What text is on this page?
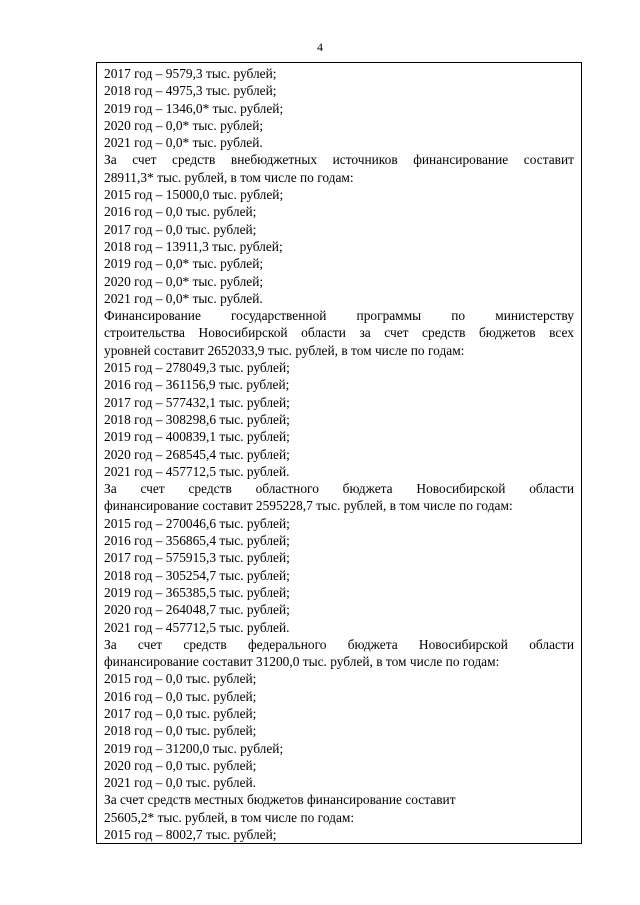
4
2017 год – 9579,3 тыс. рублей;
2018 год – 4975,3 тыс. рублей;
2019 год – 1346,0* тыс. рублей;
2020 год – 0,0* тыс. рублей;
2021 год – 0,0* тыс. рублей.
За счет средств внебюджетных источников финансирование составит
28911,3* тыс. рублей, в том числе по годам:
2015 год – 15000,0 тыс. рублей;
2016 год – 0,0 тыс. рублей;
2017 год – 0,0 тыс. рублей;
2018 год – 13911,3 тыс. рублей;
2019 год – 0,0* тыс. рублей;
2020 год – 0,0* тыс. рублей;
2021 год – 0,0* тыс. рублей.
Финансирование государственной программы по министерству
строительства Новосибирской области за счет средств бюджетов всех
уровней составит 2652033,9 тыс. рублей, в том числе по годам:
2015 год – 278049,3 тыс. рублей;
2016 год – 361156,9 тыс. рублей;
2017 год – 577432,1 тыс. рублей;
2018 год – 308298,6 тыс. рублей;
2019 год – 400839,1 тыс. рублей;
2020 год – 268545,4 тыс. рублей;
2021 год – 457712,5 тыс. рублей.
За счет средств областного бюджета Новосибирской области
финансирование составит 2595228,7 тыс. рублей, в том числе по годам:
2015 год – 270046,6 тыс. рублей;
2016 год – 356865,4 тыс. рублей;
2017 год – 575915,3 тыс. рублей;
2018 год – 305254,7 тыс. рублей;
2019 год – 365385,5 тыс. рублей;
2020 год – 264048,7 тыс. рублей;
2021 год – 457712,5 тыс. рублей.
За счет средств федерального бюджета Новосибирской области
финансирование составит 31200,0 тыс. рублей, в том числе по годам:
2015 год – 0,0 тыс. рублей;
2016 год – 0,0 тыс. рублей;
2017 год – 0,0 тыс. рублей;
2018 год – 0,0 тыс. рублей;
2019 год – 31200,0 тыс. рублей;
2020 год – 0,0 тыс. рублей;
2021 год – 0,0 тыс. рублей.
За счет средств местных бюджетов финансирование составит
25605,2* тыс. рублей, в том числе по годам:
2015 год – 8002,7 тыс. рублей;
